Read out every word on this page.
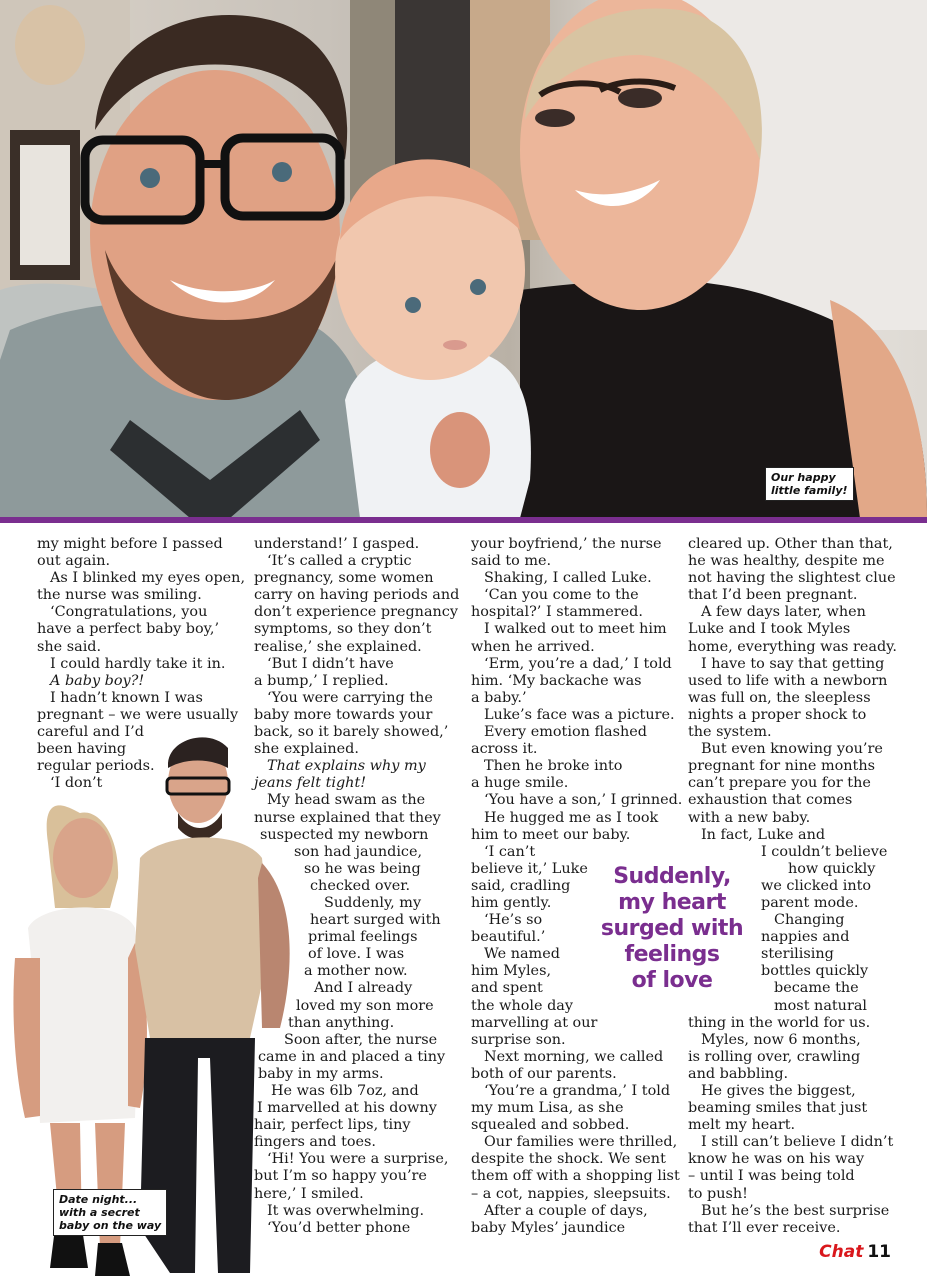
Our happy
little family!

my might before I passed

out again.

As I blinked my eyes open,

the nurse was smiling.

‘Congratulations, you

have a perfect baby boy,’

she said.

I could hardly take it in.

A baby boy?!

I hadn’t known I was

pregnant – we were usually

careful and I’d

been having

regular periods.

‘I don’t

understand!’ I gasped.

‘It’s called a cryptic

pregnancy, some women

carry on having periods and

don’t experience pregnancy

symptoms, so they don’t

realise,’ she explained.

‘But I didn’t have

a bump,’ I replied.

‘You were carrying the

baby more towards your

back, so it barely showed,’

she explained.

That explains why my

jeans felt tight!

My head swam as the

nurse explained that they

suspected my newborn

son had jaundice,

so he was being

checked over.

Suddenly, my

heart surged with

primal feelings

of love. I was

a mother now.

And I already

loved my son more

than anything.

Soon after, the nurse

came in and placed a tiny

baby in my arms.

He was 6lb 7oz, and

I marvelled at his downy

hair, perfect lips, tiny

fingers and toes.

‘Hi! You were a surprise,

but I’m so happy you’re

here,’ I smiled.

It was overwhelming.

‘You’d better phone

your boyfriend,’ the nurse

said to me.

Shaking, I called Luke.

‘Can you come to the

hospital?’ I stammered.

I walked out to meet him

when he arrived.

‘Erm, you’re a dad,’ I told

him. ‘My backache was

a baby.’

Luke’s face was a picture.

Every emotion flashed

across it.

Then he broke into

a huge smile.

‘You have a son,’ I grinned.

He hugged me as I took

him to meet our baby.

‘I can’t

believe it,’ Luke

said, cradling

him gently.

‘He’s so

beautiful.’

We named

him Myles,

and spent

the whole day

marvelling at our

surprise son.

Next morning, we called

both of our parents.

‘You’re a grandma,’ I told

my mum Lisa, as she

squealed and sobbed.

Our families were thrilled,

despite the shock. We sent

them off with a shopping list

– a cot, nappies, sleepsuits.

After a couple of days,

baby Myles’ jaundice

cleared up. Other than that,

he was healthy, despite me

not having the slightest clue

that I’d been pregnant.

A few days later, when

Luke and I took Myles

home, everything was ready.

I have to say that getting

used to life with a newborn

was full on, the sleepless

nights a proper shock to

the system.

But even knowing you’re

pregnant for nine months

can’t prepare you for the

exhaustion that comes

with a new baby.

In fact, Luke and

I couldn’t believe

how quickly

we clicked into

parent mode.

Changing

nappies and

sterilising

bottles quickly

became the

most natural

thing in the world for us.

Myles, now 6 months,

is rolling over, crawling

and babbling.

He gives the biggest,

beaming smiles that just

melt my heart.

I still can’t believe I didn’t

know he was on his way

– until I was being told

to push!

But he’s the best surprise

that I’ll ever receive.

Date night...
with a secret
baby on the way
Suddenly,
my heart
surged with
feelings
of love
Chat 11
